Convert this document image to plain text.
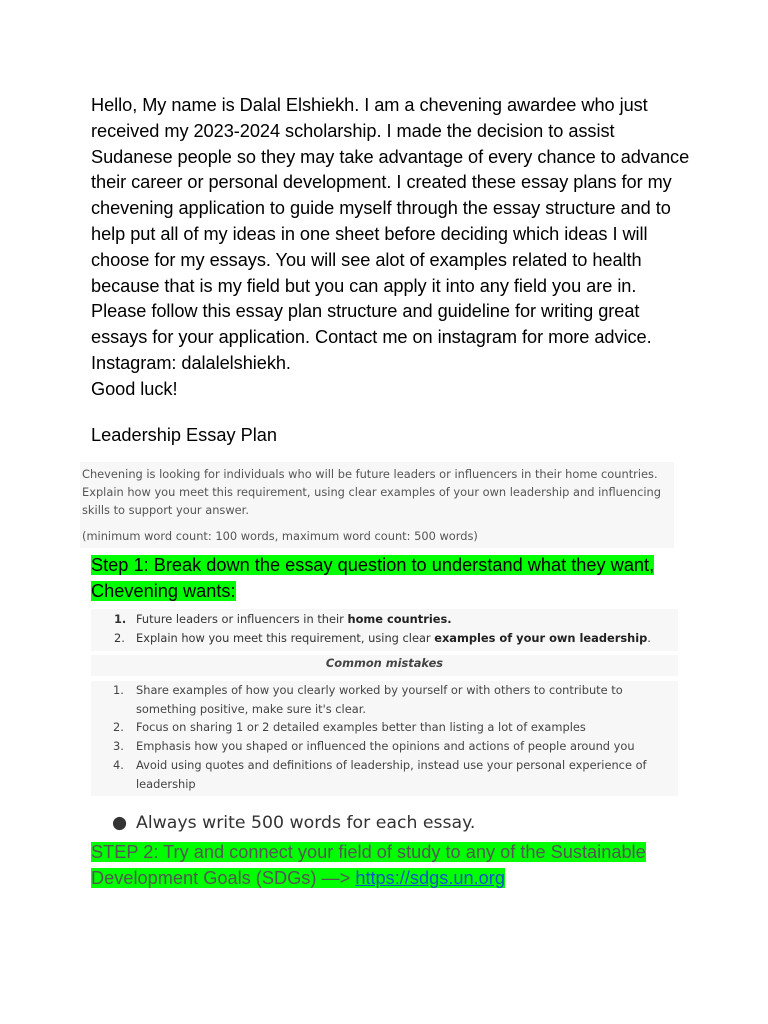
Hello, My name is Dalal Elshiekh. I am a chevening awardee who just received my 2023-2024 scholarship. I made the decision to assist Sudanese people so they may take advantage of every chance to advance their career or personal development. I created these essay plans for my chevening application to guide myself through the essay structure and to help put all of my ideas in one sheet before deciding which ideas I will choose for my essays. You will see alot of examples related to health because that is my field but you can apply it into any field you are in. Please follow this essay plan structure and guideline for writing great essays for your application. Contact me on instagram for more advice. Instagram: dalalelshiekh.

Good luck!

Leadership Essay Plan

Chevening is looking for individuals who will be future leaders or influencers in their home countries. Explain how you meet this requirement, using clear examples of your own leadership and influencing skills to support your answer.

(minimum word count: 100 words, maximum word count: 500 words)

Step 1: Break down the essay question to understand what they want, Chevening wants:

1. Future leaders or influencers in their home countries.
2. Explain how you meet this requirement, using clear examples of your own leadership.
Common mistakes
1. Share examples of how you clearly worked by yourself or with others to contribute to something positive, make sure it's clear.
2. Focus on sharing 1 or 2 detailed examples better than listing a lot of examples
3. Emphasis how you shaped or influenced the opinions and actions of people around you
4. Avoid using quotes and definitions of leadership, instead use your personal experience of leadership
● Always write 500 words for each essay.

STEP 2: Try and connect your field of study to any of the Sustainable Development Goals (SDGs) —> https://sdgs.un.org
